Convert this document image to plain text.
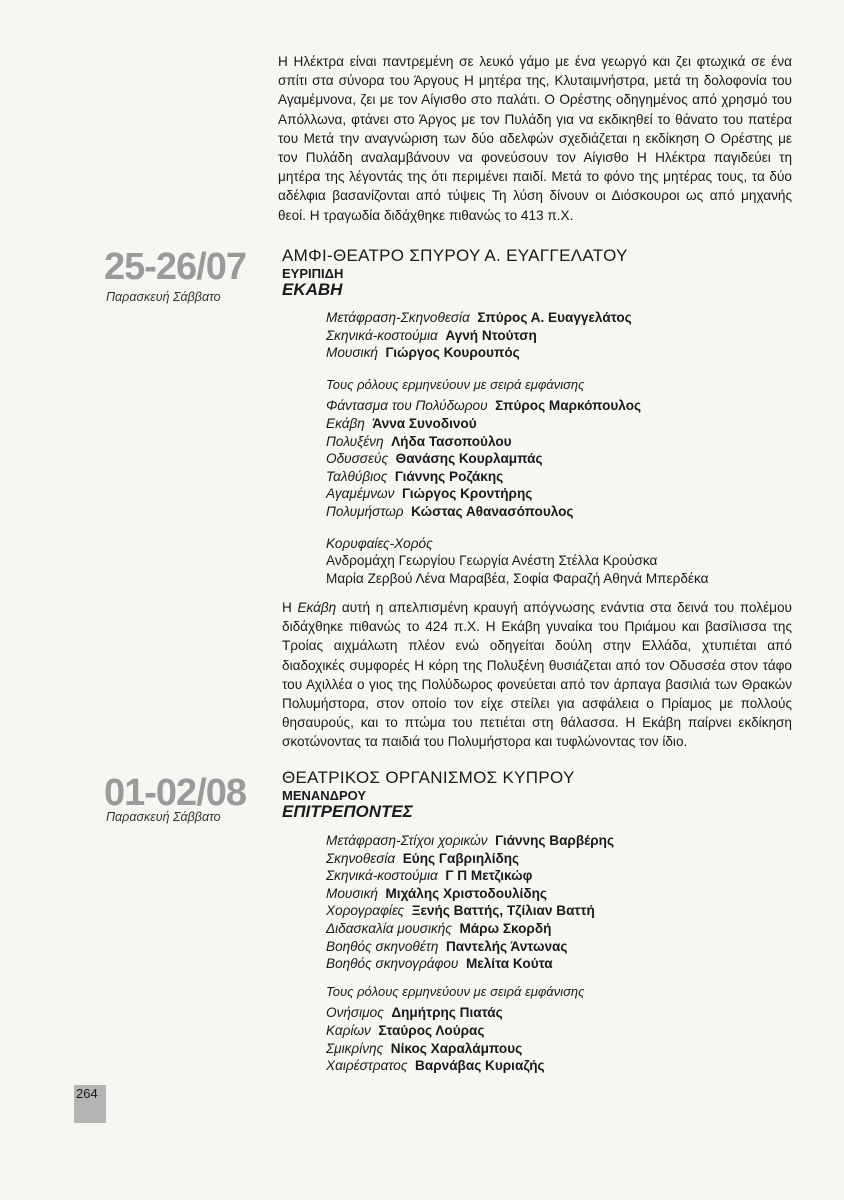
Η Ηλέκτρα είναι παντρεμένη σε λευκό γάμο με ένα γεωργό και ζει φτωχικά σε ένα σπίτι στα σύνορα του Άργους Η μητέρα της, Κλυταιμνήστρα, μετά τη δολοφονία του Αγαμέμνονα, ζει με τον Αίγισθο στο παλάτι. Ο Ορέστης οδηγημένος από χρησμό του Απόλλωνα, φτάνει στο Άργος με τον Πυλάδη για να εκδικηθεί το θάνατο του πατέρα του Μετά την αναγνώριση των δύο αδελφών σχεδιάζεται η εκδίκηση Ο Ορέστης με τον Πυλάδη αναλαμβάνουν να φονεύσουν τον Αίγισθο Η Ηλέκτρα παγιδεύει τη μητέρα της λέγοντάς της ότι περιμένει παιδί. Μετά το φόνο της μητέρας τους, τα δύο αδέλφια βασανίζονται από τύψεις Τη λύση δίνουν οι Διόσκουροι ως από μηχανής θεοί. Η τραγωδία διδάχθηκε πιθανώς το 413 π.Χ.

25-26/07
Παρασκευή Σάββατο
ΑΜΦΙ-ΘΕΑΤΡΟ ΣΠΥΡΟΥ Α. ΕΥΑΓΓΕΛΑΤΟΥ
ΕΥΡΙΠΙΔΗ
ΕΚΑΒΗ
Μετάφραση-Σκηνοθεσία Σπύρος Α. Ευαγγελάτος
Σκηνικά-κοστούμια Αγνή Ντούτση
Μουσική Γιώργος Κουρουπός
Τους ρόλους ερμηνεύουν με σειρά εμφάνισης
Φάντασμα του Πολύδωρου Σπύρος Μαρκόπουλος
Εκάβη Άννα Συνοδινού
Πολυξένη Λήδα Τασοπούλου
Οδυσσεύς Θανάσης Κουρλαμπάς
Ταλθύβιος Γιάννης Ροζάκης
Αγαμέμνων Γιώργος Κροντήρης
Πολυμήστωρ Κώστας Αθανασόπουλος
Κορυφαίες-Χορός
Ανδρομάχη Γεωργίου Γεωργία Ανέστη Στέλλα Κρούσκα
Μαρία Ζερβού Λένα Μαραβέα, Σοφία Φαραζή Αθηνά Μπερδέκα

Η Εκάβη αυτή η απελπισμένη κραυγή απόγνωσης ενάντια στα δεινά του πολέμου διδάχθηκε πιθανώς το 424 π.Χ. Η Εκάβη γυναίκα του Πριάμου και βασίλισσα της Τροίας αιχμάλωτη πλέον ενώ οδηγείται δούλη στην Ελλάδα, χτυπιέται από διαδοχικές συμφορές Η κόρη της Πολυξένη θυσιάζεται από τον Οδυσσέα στον τάφο του Αχιλλέα ο γιος της Πολύδωρος φονεύεται από τον άρπαγα βασιλιά των Θρακών Πολυμήστορα, στον οποίο τον είχε στείλει για ασφάλεια ο Πρίαμος με πολλούς θησαυρούς, και το πτώμα του πετιέται στη θάλασσα. Η Εκάβη παίρνει εκδίκηση σκοτώνοντας τα παιδιά του Πολυμήστορα και τυφλώνοντας τον ίδιο.

01-02/08
Παρασκευή Σάββατο
ΘΕΑΤΡΙΚΟΣ ΟΡΓΑΝΙΣΜΟΣ ΚΥΠΡΟΥ
ΜΕΝΑΝΔΡΟΥ
ΕΠΙΤΡΕΠΟΝΤΕΣ
Μετάφραση-Στίχοι χορικών Γιάννης Βαρβέρης
Σκηνοθεσία Εύης Γαβριηλίδης
Σκηνικά-κοστούμια Γ Π Μετζικώφ
Μουσική Μιχάλης Χριστοδουλίδης
Χορογραφίες Ξενής Βαττής, Τζίλιαν Βαττή
Διδασκαλία μουσικής Μάρω Σκορδή
Βοηθός σκηνοθέτη Παντελής Άντωνας
Βοηθός σκηνογράφου Μελίτα Κούτα
Τους ρόλους ερμηνεύουν με σειρά εμφάνισης
Ονήσιμος Δημήτρης Πιατάς
Καρίων Σταύρος Λούρας
Σμικρίνης Νίκος Χαραλάμπους
Χαιρέστρατος Βαρνάβας Κυριαζής
264
